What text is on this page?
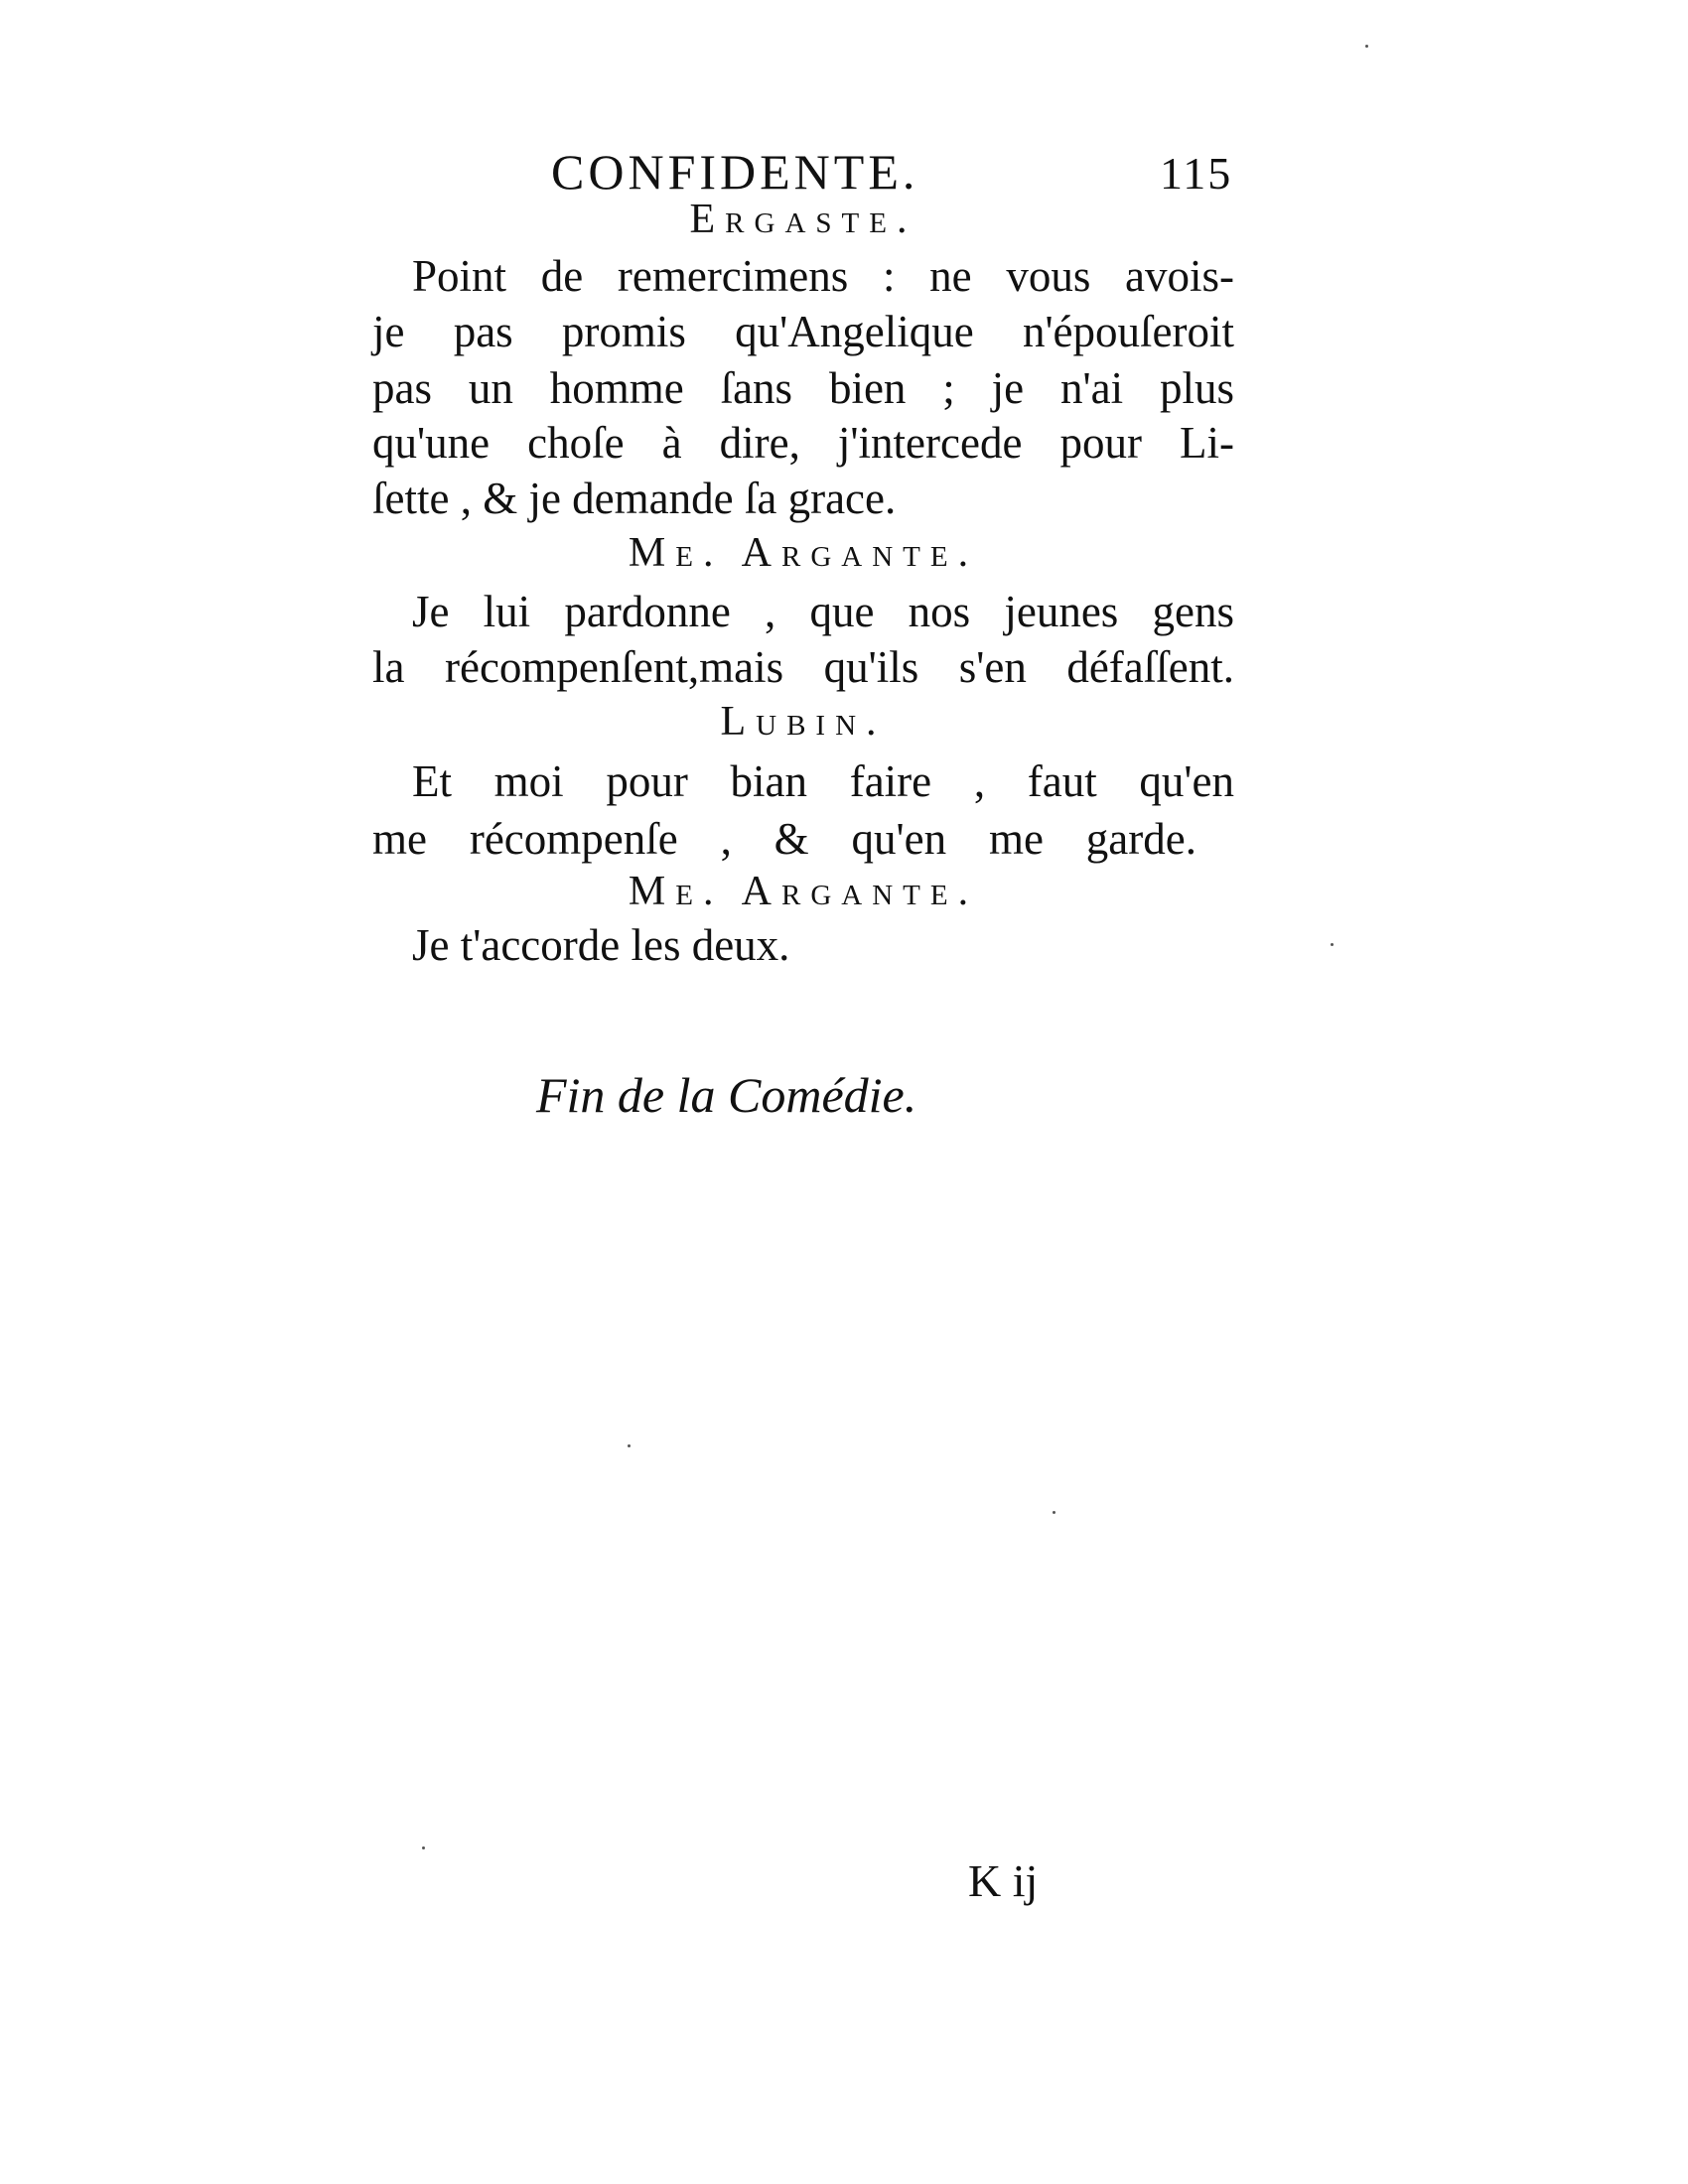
CONFIDENTE.	115
Ergaste.
Point de remercimens : ne vous avois-
je pas promis qu'Angelique n'épouſeroit
pas un homme ſans bien ; je n'ai plus
qu'une choſe à dire, j'intercede pour Li-
ſette , & je demande ſa grace.
Me. Argante.
Je lui pardonne , que nos jeunes gens
la récompenſent,mais qu'ils s'en défaſſent.
Lubin.
Et moi pour bian faire , faut qu'en
me récompenſe , & qu'en me garde.
Me. Argante.
Je t'accorde les deux.
Fin de la Comédie.
K ij
